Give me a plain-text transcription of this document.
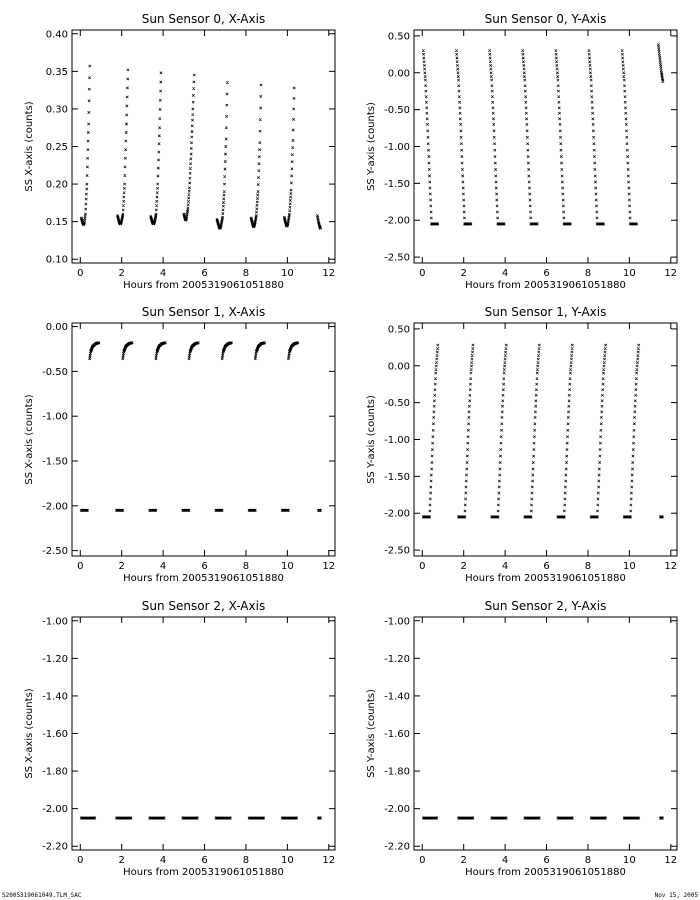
Sun Sensor 0, X-Axis
0	2	4	6	8	10	12
0.10
0.15
0.20
0.25
0.30
0.35
0.40
Hours from 2005319061051880
SS X-axis (counts)
Sun Sensor 0, Y-Axis
0	2	4	6	8	10	12
-2.50
-2.00
-1.50
-1.00
-0.50
0.00
0.50
Hours from 2005319061051880
SS Y-axis (counts)
Sun Sensor 1, X-Axis
0	2	4	6	8	10	12
-2.50
-2.00
-1.50
-1.00
-0.50
0.00
Hours from 2005319061051880
SS X-axis (counts)
Sun Sensor 1, Y-Axis
0	2	4	6	8	10	12
-2.50
-2.00
-1.50
-1.00
-0.50
0.00
0.50
Hours from 2005319061051880
SS Y-axis (counts)
Sun Sensor 2, X-Axis
0	2	4	6	8	10	12
-2.20
-2.00
-1.80
-1.60
-1.40
-1.20
-1.00
Hours from 2005319061051880
SS X-axis (counts)
Sun Sensor 2, Y-Axis
0	2	4	6	8	10	12
-2.20
-2.00
-1.80
-1.60
-1.40
-1.20
-1.00
Hours from 2005319061051880
SS Y-axis (counts)
S2005319061049.TLM_SAC	Nov 15, 2005
